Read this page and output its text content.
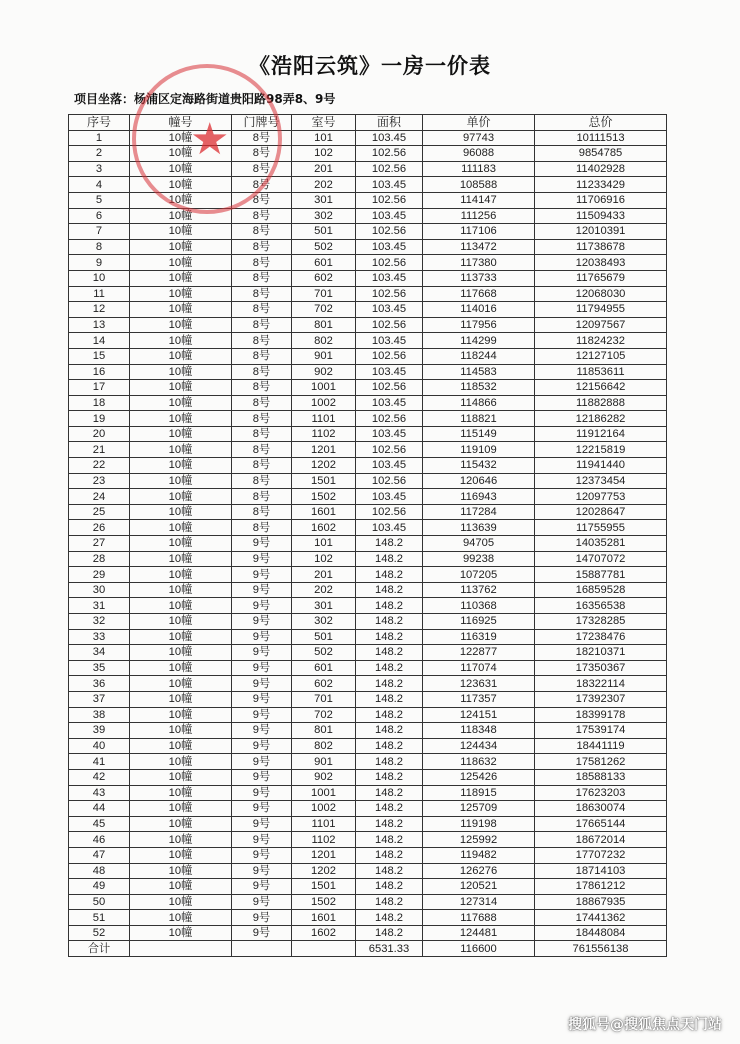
《浩阳云筑》一房一价表
项目坐落：杨浦区定海路街道贵阳路98弄8、9号
序号	幢号	门牌号	室号	面积	单价	总价
1	10幢	8号	101	103.45	97743	10111513
2	10幢	8号	102	102.56	96088	9854785
3	10幢	8号	201	102.56	111183	11402928
4	10幢	8号	202	103.45	108588	11233429
5	10幢	8号	301	102.56	114147	11706916
6	10幢	8号	302	103.45	111256	11509433
7	10幢	8号	501	102.56	117106	12010391
8	10幢	8号	502	103.45	113472	11738678
9	10幢	8号	601	102.56	117380	12038493
10	10幢	8号	602	103.45	113733	11765679
11	10幢	8号	701	102.56	117668	12068030
12	10幢	8号	702	103.45	114016	11794955
13	10幢	8号	801	102.56	117956	12097567
14	10幢	8号	802	103.45	114299	11824232
15	10幢	8号	901	102.56	118244	12127105
16	10幢	8号	902	103.45	114583	11853611
17	10幢	8号	1001	102.56	118532	12156642
18	10幢	8号	1002	103.45	114866	11882888
19	10幢	8号	1101	102.56	118821	12186282
20	10幢	8号	1102	103.45	115149	11912164
21	10幢	8号	1201	102.56	119109	12215819
22	10幢	8号	1202	103.45	115432	11941440
23	10幢	8号	1501	102.56	120646	12373454
24	10幢	8号	1502	103.45	116943	12097753
25	10幢	8号	1601	102.56	117284	12028647
26	10幢	8号	1602	103.45	113639	11755955
27	10幢	9号	101	148.2	94705	14035281
28	10幢	9号	102	148.2	99238	14707072
29	10幢	9号	201	148.2	107205	15887781
30	10幢	9号	202	148.2	113762	16859528
31	10幢	9号	301	148.2	110368	16356538
32	10幢	9号	302	148.2	116925	17328285
33	10幢	9号	501	148.2	116319	17238476
34	10幢	9号	502	148.2	122877	18210371
35	10幢	9号	601	148.2	117074	17350367
36	10幢	9号	602	148.2	123631	18322114
37	10幢	9号	701	148.2	117357	17392307
38	10幢	9号	702	148.2	124151	18399178
39	10幢	9号	801	148.2	118348	17539174
40	10幢	9号	802	148.2	124434	18441119
41	10幢	9号	901	148.2	118632	17581262
42	10幢	9号	902	148.2	125426	18588133
43	10幢	9号	1001	148.2	118915	17623203
44	10幢	9号	1002	148.2	125709	18630074
45	10幢	9号	1101	148.2	119198	17665144
46	10幢	9号	1102	148.2	125992	18672014
47	10幢	9号	1201	148.2	119482	17707232
48	10幢	9号	1202	148.2	126276	18714103
49	10幢	9号	1501	148.2	120521	17861212
50	10幢	9号	1502	148.2	127314	18867935
51	10幢	9号	1601	148.2	117688	17441362
52	10幢	9号	1602	148.2	124481	18448084
合计				6531.33	116600	761556138
★
搜狐号@搜狐焦点天门站
